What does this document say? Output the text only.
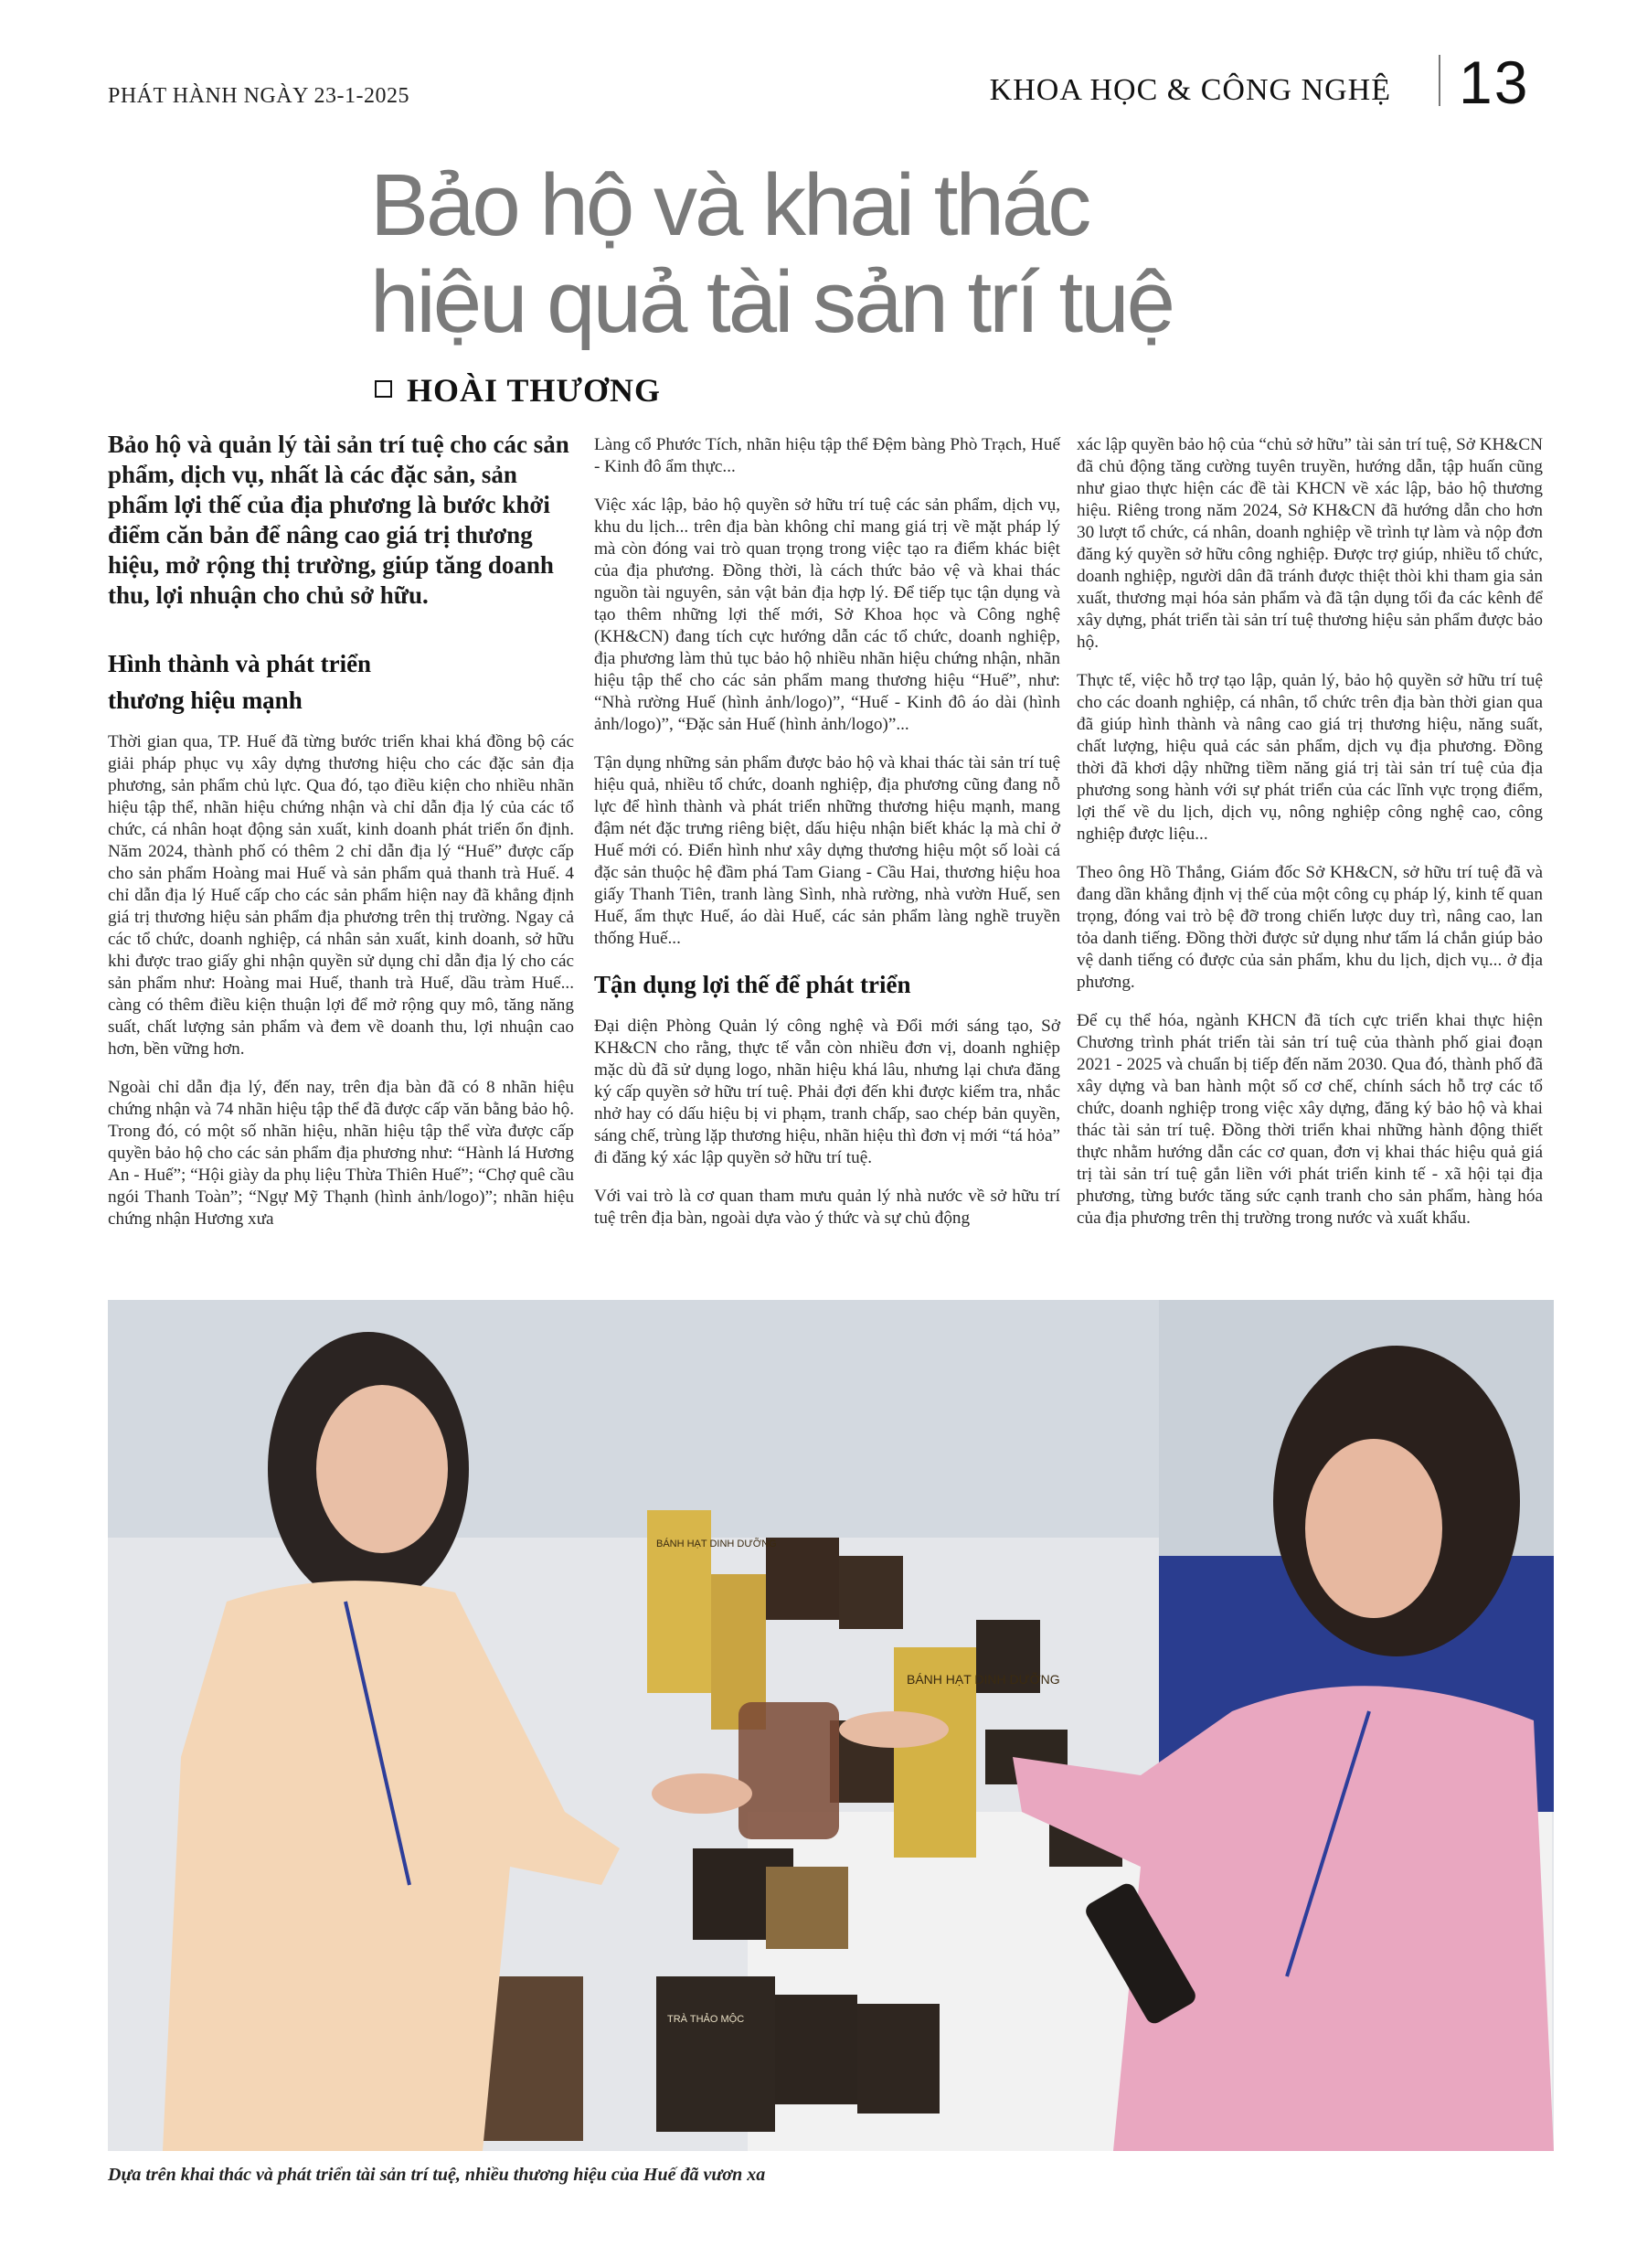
PHÁT HÀNH NGÀY 23-1-2025	KHOA HỌC & CÔNG NGHỆ 13
Bảo hộ và khai thác
hiệu quả tài sản trí tuệ
HOÀI THƯƠNG

Bảo hộ và quản lý tài sản trí tuệ cho các sản phẩm, dịch vụ, nhất là các đặc sản, sản phẩm lợi thế của địa phương là bước khởi điểm căn bản để nâng cao giá trị thương hiệu, mở rộng thị trường, giúp tăng doanh thu, lợi nhuận cho chủ sở hữu.

Hình thành và phát triển
thương hiệu mạnh

Thời gian qua, TP. Huế đã từng bước triển khai khá đồng bộ các giải pháp phục vụ xây dựng thương hiệu cho các đặc sản địa phương, sản phẩm chủ lực. Qua đó, tạo điều kiện cho nhiều nhãn hiệu tập thể, nhãn hiệu chứng nhận và chỉ dẫn địa lý của các tổ chức, cá nhân hoạt động sản xuất, kinh doanh phát triển ổn định. Năm 2024, thành phố có thêm 2 chỉ dẫn địa lý “Huế” được cấp cho sản phẩm Hoàng mai Huế và sản phẩm quả thanh trà Huế. 4 chỉ dẫn địa lý Huế cấp cho các sản phẩm hiện nay đã khẳng định giá trị thương hiệu sản phẩm địa phương trên thị trường. Ngay cả các tổ chức, doanh nghiệp, cá nhân sản xuất, kinh doanh, sở hữu khi được trao giấy ghi nhận quyền sử dụng chỉ dẫn địa lý cho các sản phẩm như: Hoàng mai Huế, thanh trà Huế, dầu tràm Huế... càng có thêm điều kiện thuận lợi để mở rộng quy mô, tăng năng suất, chất lượng sản phẩm và đem về doanh thu, lợi nhuận cao hơn, bền vững hơn.

Ngoài chỉ dẫn địa lý, đến nay, trên địa bàn đã có 8 nhãn hiệu chứng nhận và 74 nhãn hiệu tập thể đã được cấp văn bằng bảo hộ. Trong đó, có một số nhãn hiệu, nhãn hiệu tập thể vừa được cấp quyền bảo hộ cho các sản phẩm địa phương như: “Hành lá Hương An - Huế”; “Hội giày da phụ liệu Thừa Thiên Huế”; “Chợ quê cầu ngói Thanh Toàn”; “Ngự Mỹ Thạnh (hình ảnh/logo)”; nhãn hiệu chứng nhận Hương xưa

Làng cổ Phước Tích, nhãn hiệu tập thể Đệm bàng Phò Trạch, Huế - Kinh đô ẩm thực...

Việc xác lập, bảo hộ quyền sở hữu trí tuệ các sản phẩm, dịch vụ, khu du lịch... trên địa bàn không chỉ mang giá trị về mặt pháp lý mà còn đóng vai trò quan trọng trong việc tạo ra điểm khác biệt của địa phương. Đồng thời, là cách thức bảo vệ và khai thác nguồn tài nguyên, sản vật bản địa hợp lý. Để tiếp tục tận dụng và tạo thêm những lợi thế mới, Sở Khoa học và Công nghệ (KH&CN) đang tích cực hướng dẫn các tổ chức, doanh nghiệp, địa phương làm thủ tục bảo hộ nhiều nhãn hiệu chứng nhận, nhãn hiệu tập thể cho các sản phẩm mang thương hiệu “Huế”, như: “Nhà rường Huế (hình ảnh/logo)”, “Huế - Kinh đô áo dài (hình ảnh/logo)”, “Đặc sản Huế (hình ảnh/logo)”...

Tận dụng những sản phẩm được bảo hộ và khai thác tài sản trí tuệ hiệu quả, nhiều tổ chức, doanh nghiệp, địa phương cũng đang nỗ lực để hình thành và phát triển những thương hiệu mạnh, mang đậm nét đặc trưng riêng biệt, dấu hiệu nhận biết khác lạ mà chỉ ở Huế mới có. Điển hình như xây dựng thương hiệu một số loài cá đặc sản thuộc hệ đầm phá Tam Giang - Cầu Hai, thương hiệu hoa giấy Thanh Tiên, tranh làng Sình, nhà rường, nhà vườn Huế, sen Huế, ẩm thực Huế, áo dài Huế, các sản phẩm làng nghề truyền thống Huế...

Tận dụng lợi thế để phát triển

Đại diện Phòng Quản lý công nghệ và Đổi mới sáng tạo, Sở KH&CN cho rằng, thực tế vẫn còn nhiều đơn vị, doanh nghiệp mặc dù đã sử dụng logo, nhãn hiệu khá lâu, nhưng lại chưa đăng ký cấp quyền sở hữu trí tuệ. Phải đợi đến khi được kiểm tra, nhắc nhở hay có dấu hiệu bị vi phạm, tranh chấp, sao chép bản quyền, sáng chế, trùng lặp thương hiệu, nhãn hiệu thì đơn vị mới “tá hỏa” đi đăng ký xác lập quyền sở hữu trí tuệ.

Với vai trò là cơ quan tham mưu quản lý nhà nước về sở hữu trí tuệ trên địa bàn, ngoài dựa vào ý thức và sự chủ động

xác lập quyền bảo hộ của “chủ sở hữu” tài sản trí tuệ, Sở KH&CN đã chủ động tăng cường tuyên truyền, hướng dẫn, tập huấn cũng như giao thực hiện các đề tài KHCN về xác lập, bảo hộ thương hiệu. Riêng trong năm 2024, Sở KH&CN đã hướng dẫn cho hơn 30 lượt tổ chức, cá nhân, doanh nghiệp về trình tự làm và nộp đơn đăng ký quyền sở hữu công nghiệp. Được trợ giúp, nhiều tổ chức, doanh nghiệp, người dân đã tránh được thiệt thòi khi tham gia sản xuất, thương mại hóa sản phẩm và đã tận dụng tối đa các kênh để xây dựng, phát triển tài sản trí tuệ thương hiệu sản phẩm được bảo hộ.

Thực tế, việc hỗ trợ tạo lập, quản lý, bảo hộ quyền sở hữu trí tuệ cho các doanh nghiệp, cá nhân, tổ chức trên địa bàn thời gian qua đã giúp hình thành và nâng cao giá trị thương hiệu, năng suất, chất lượng, hiệu quả các sản phẩm, dịch vụ địa phương. Đồng thời đã khơi dậy những tiềm năng giá trị tài sản trí tuệ của địa phương song hành với sự phát triển của các lĩnh vực trọng điểm, lợi thế về du lịch, dịch vụ, nông nghiệp công nghệ cao, công nghiệp được liệu...

Theo ông Hồ Thắng, Giám đốc Sở KH&CN, sở hữu trí tuệ đã và đang dần khẳng định vị thế của một công cụ pháp lý, kinh tế quan trọng, đóng vai trò bệ đỡ trong chiến lược duy trì, nâng cao, lan tỏa danh tiếng. Đồng thời được sử dụng như tấm lá chắn giúp bảo vệ danh tiếng có được của sản phẩm, khu du lịch, dịch vụ... ở địa phương.

Để cụ thể hóa, ngành KHCN đã tích cực triển khai thực hiện Chương trình phát triển tài sản trí tuệ của thành phố giai đoạn 2021 - 2025 và chuẩn bị tiếp đến năm 2030. Qua đó, thành phố đã xây dựng và ban hành một số cơ chế, chính sách hỗ trợ các tổ chức, doanh nghiệp trong việc xây dựng, đăng ký bảo hộ và khai thác tài sản trí tuệ. Đồng thời triển khai những hành động thiết thực nhằm hướng dẫn các cơ quan, đơn vị khai thác hiệu quả giá trị tài sản trí tuệ gắn liền với phát triển kinh tế - xã hội tại địa phương, từng bước tăng sức cạnh tranh cho sản phẩm, hàng hóa của địa phương trên thị trường trong nước và xuất khẩu.

BÁNH HẠT DINH DƯỠNG
BÁNH HẠT DINH DƯỠNG
TRÀ THẢO MỘC
Dựa trên khai thác và phát triển tài sản trí tuệ, nhiều thương hiệu của Huế đã vươn xa
